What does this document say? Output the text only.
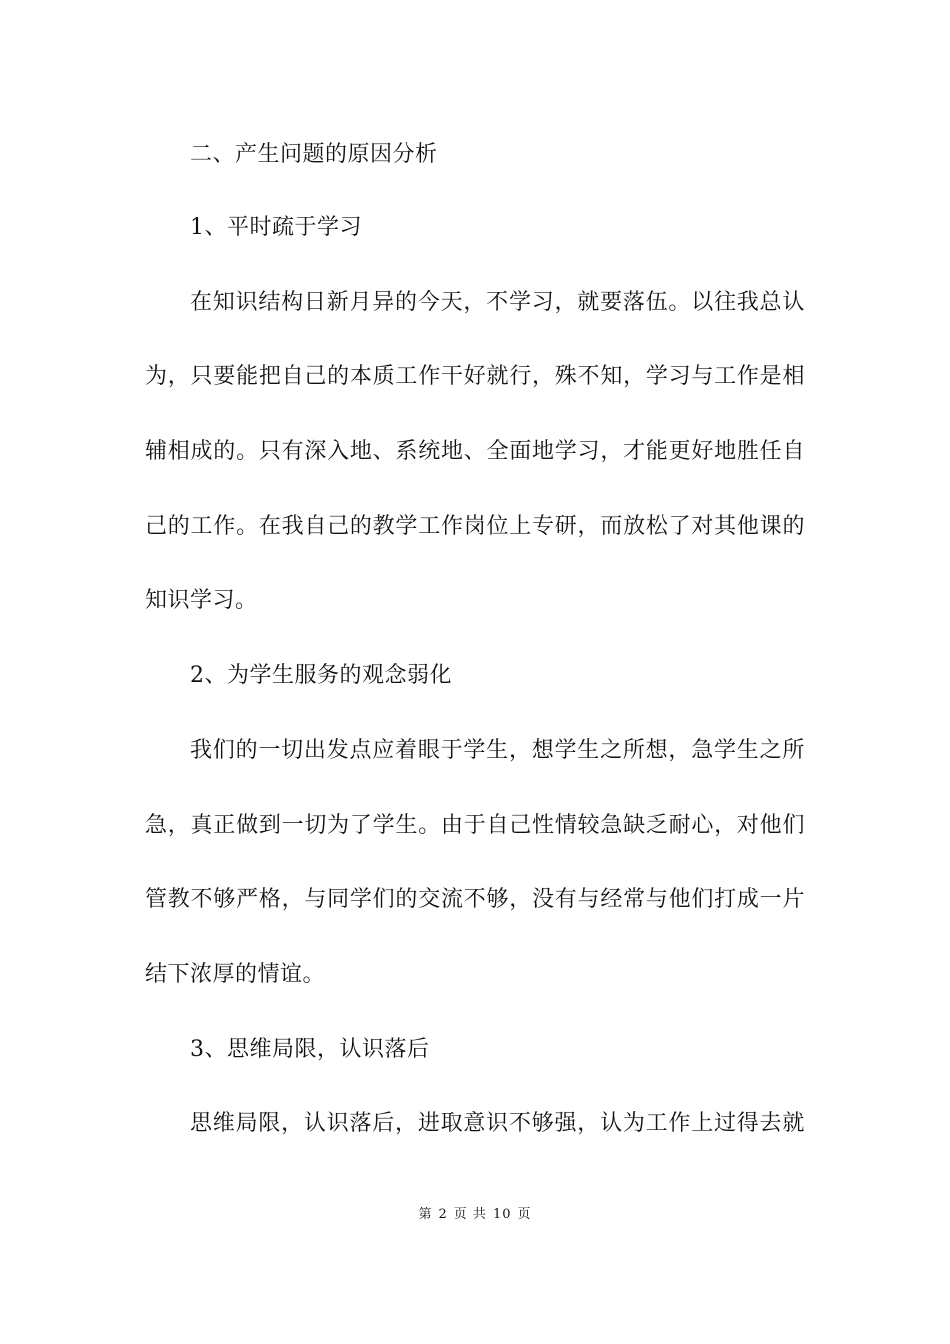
二、产生问题的原因分析
1、平时疏于学习
在 知 识 结 构 日 新 月 异 的 今 天 ， 不 学 习 ， 就 要 落 伍 。 以 往 我 总 认
为 ， 只 要 能 把 自 己 的 本 质 工 作 干 好 就 行 ， 殊 不 知 ， 学 习 与 工 作 是 相
辅 相 成 的 。 只 有 深 入 地 、 系 统 地 、 全 面 地 学 习 ， 才 能 更 好 地 胜 任 自
己 的 工 作 。 在 我 自 己 的 教 学 工 作 岗 位 上 专 研 ， 而 放 松 了 对 其 他 课 的
知识学习。
2、为学生服务的观念弱化
我 们 的 一 切 出 发 点 应 着 眼 于 学 生 ， 想 学 生 之 所 想 ， 急 学 生 之 所
急 ， 真 正 做 到 一 切 为 了 学 生 。 由 于 自 己 性 情 较 急 缺 乏 耐 心 ， 对 他 们
管 教 不 够 严 格 ， 与 同 学 们 的 交 流 不 够 ， 没 有 与 经 常 与 他 们 打 成 一 片
结下浓厚的情谊。
3、思维局限，认识落后
思 维 局 限 ， 认 识 落 后 ， 进 取 意 识 不 够 强 ， 认 为 工 作 上 过 得 去 就
第 2 页 共 10 页
